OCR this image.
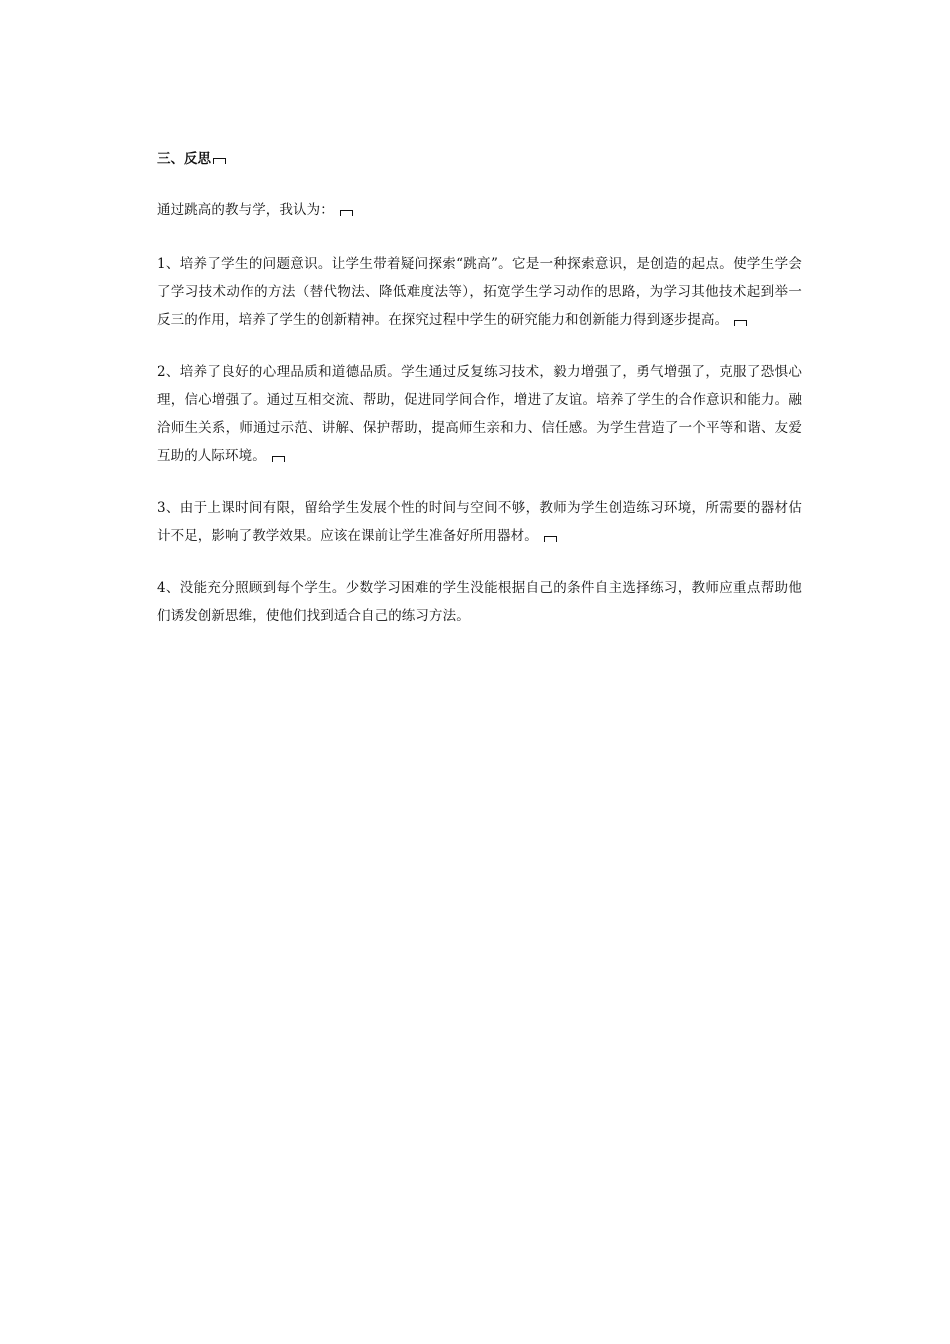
三、反思

通过跳高的教与学，我认为：

1、培养了学生的问题意识。让学生带着疑问探索“跳高”。它是一种探索意识，是创造的起点。使学生学会了学习技术动作的方法（替代物法、降低难度法等），拓宽学生学习动作的思路，为学习其他技术起到举一反三的作用，培养了学生的创新精神。在探究过程中学生的研究能力和创新能力得到逐步提高。

2、培养了良好的心理品质和道德品质。学生通过反复练习技术，毅力增强了，勇气增强了，克服了恐惧心理，信心增强了。通过互相交流、帮助，促进同学间合作，增进了友谊。培养了学生的合作意识和能力。融洽师生关系，师通过示范、讲解、保护帮助，提高师生亲和力、信任感。为学生营造了一个平等和谐、友爱互助的人际环境。

3、由于上课时间有限，留给学生发展个性的时间与空间不够，教师为学生创造练习环境，所需要的器材估计不足，影响了教学效果。应该在课前让学生准备好所用器材。

4、没能充分照顾到每个学生。少数学习困难的学生没能根据自己的条件自主选择练习，教师应重点帮助他们诱发创新思维，使他们找到适合自己的练习方法。
